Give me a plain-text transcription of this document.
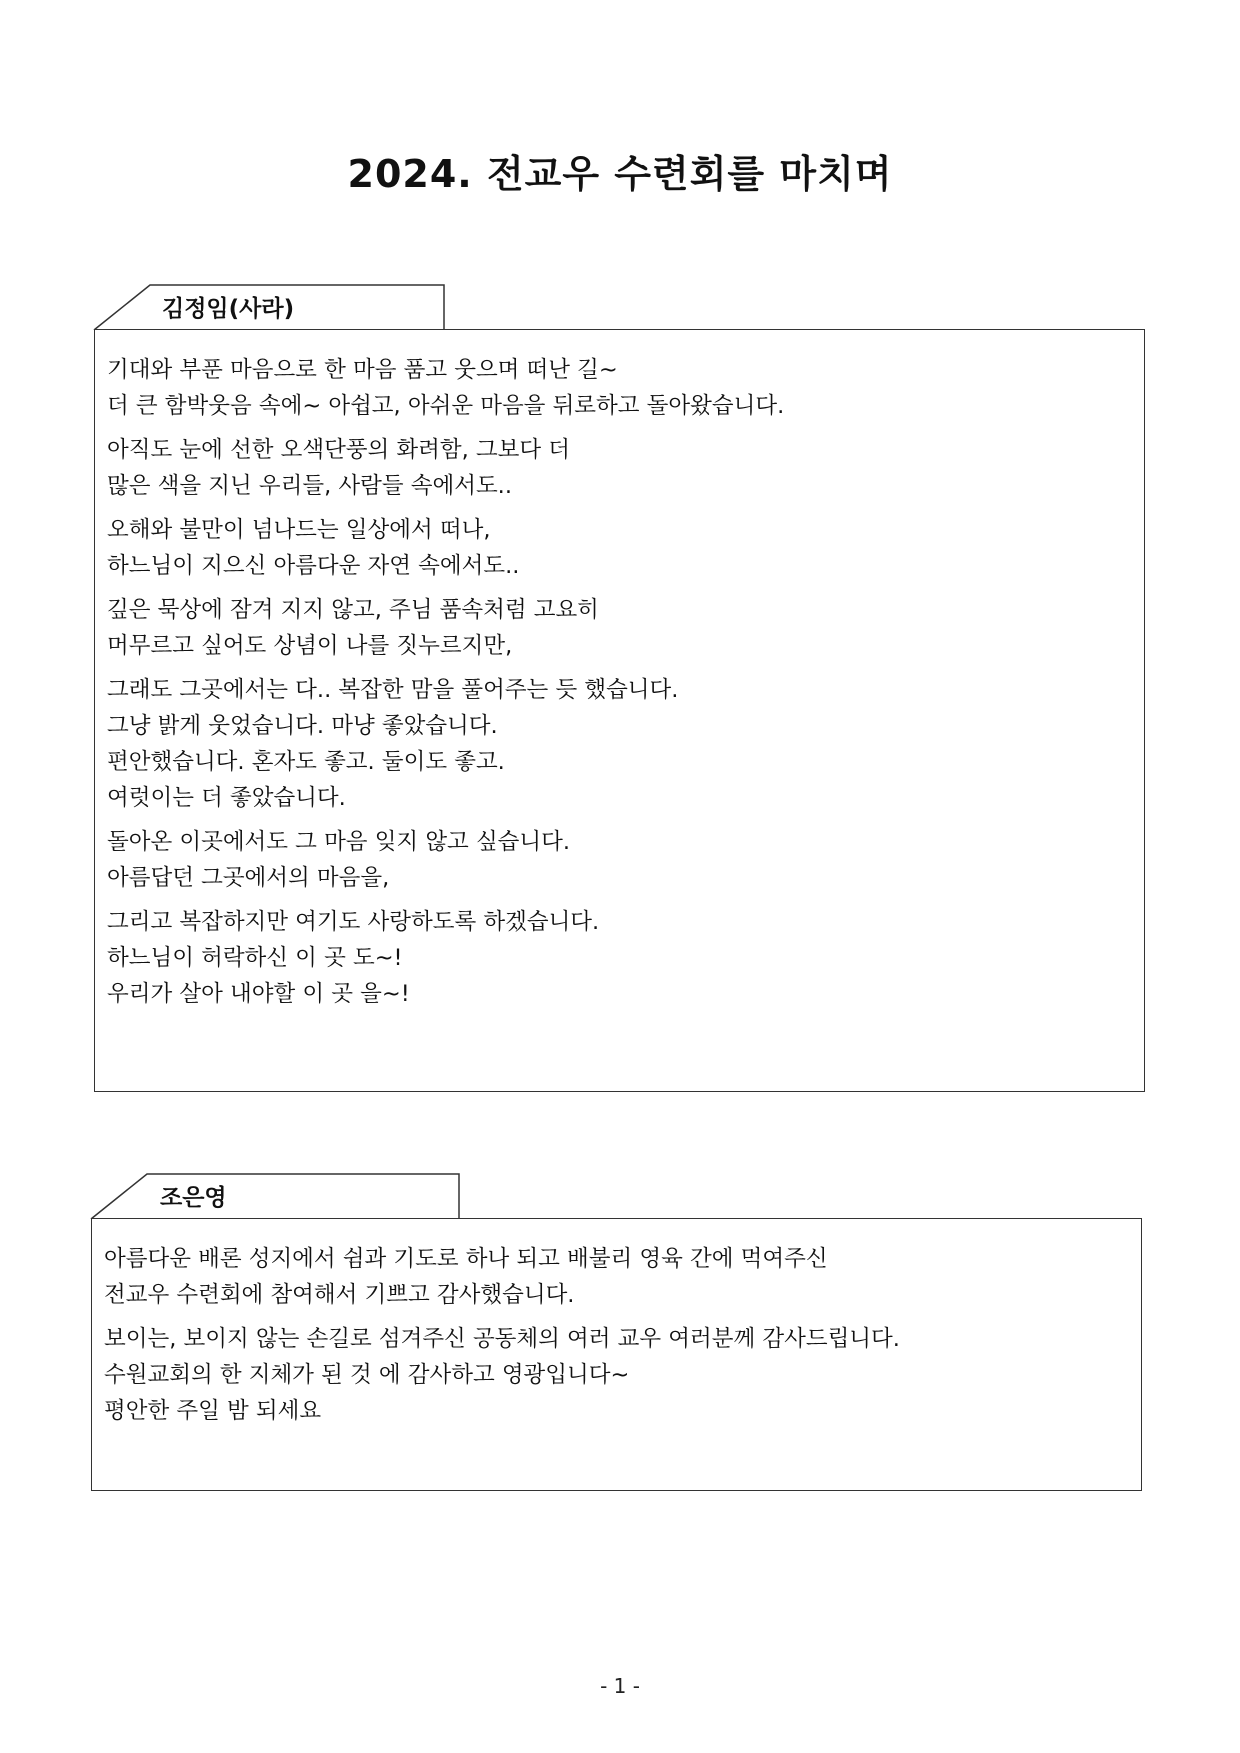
2024. 전교우 수련회를 마치며
김정임(사라)
기대와 부푼 마음으로 한 마음 품고 웃으며 떠난 길~
더 큰 함박웃음 속에~ 아쉽고, 아쉬운 마음을 뒤로하고 돌아왔습니다.
아직도 눈에 선한 오색단풍의 화려함, 그보다 더
많은 색을 지닌 우리들, 사람들 속에서도..
오해와 불만이 넘나드는 일상에서 떠나,
하느님이 지으신 아름다운 자연 속에서도..
깊은 묵상에 잠겨 지지 않고, 주님 품속처럼 고요히
머무르고 싶어도 상념이 나를 짓누르지만,
그래도 그곳에서는 다.. 복잡한 맘을 풀어주는 듯 했습니다.
그냥 밝게 웃었습니다. 마냥 좋았습니다.
편안했습니다. 혼자도 좋고. 둘이도 좋고.
여럿이는 더 좋았습니다.
돌아온 이곳에서도 그 마음 잊지 않고 싶습니다.
아름답던 그곳에서의 마음을,
그리고 복잡하지만 여기도 사랑하도록 하겠습니다.
하느님이 허락하신 이 곳 도~!
우리가 살아 내야할 이 곳 을~!
조은영
아름다운 배론 성지에서 쉼과 기도로 하나 되고 배불리 영육 간에 먹여주신
전교우 수련회에 참여해서 기쁘고 감사했습니다.
보이는, 보이지 않는 손길로 섬겨주신 공동체의 여러 교우 여러분께 감사드립니다.
수원교회의 한 지체가 된 것 에 감사하고 영광입니다~
평안한 주일 밤 되세요
- 1 -
